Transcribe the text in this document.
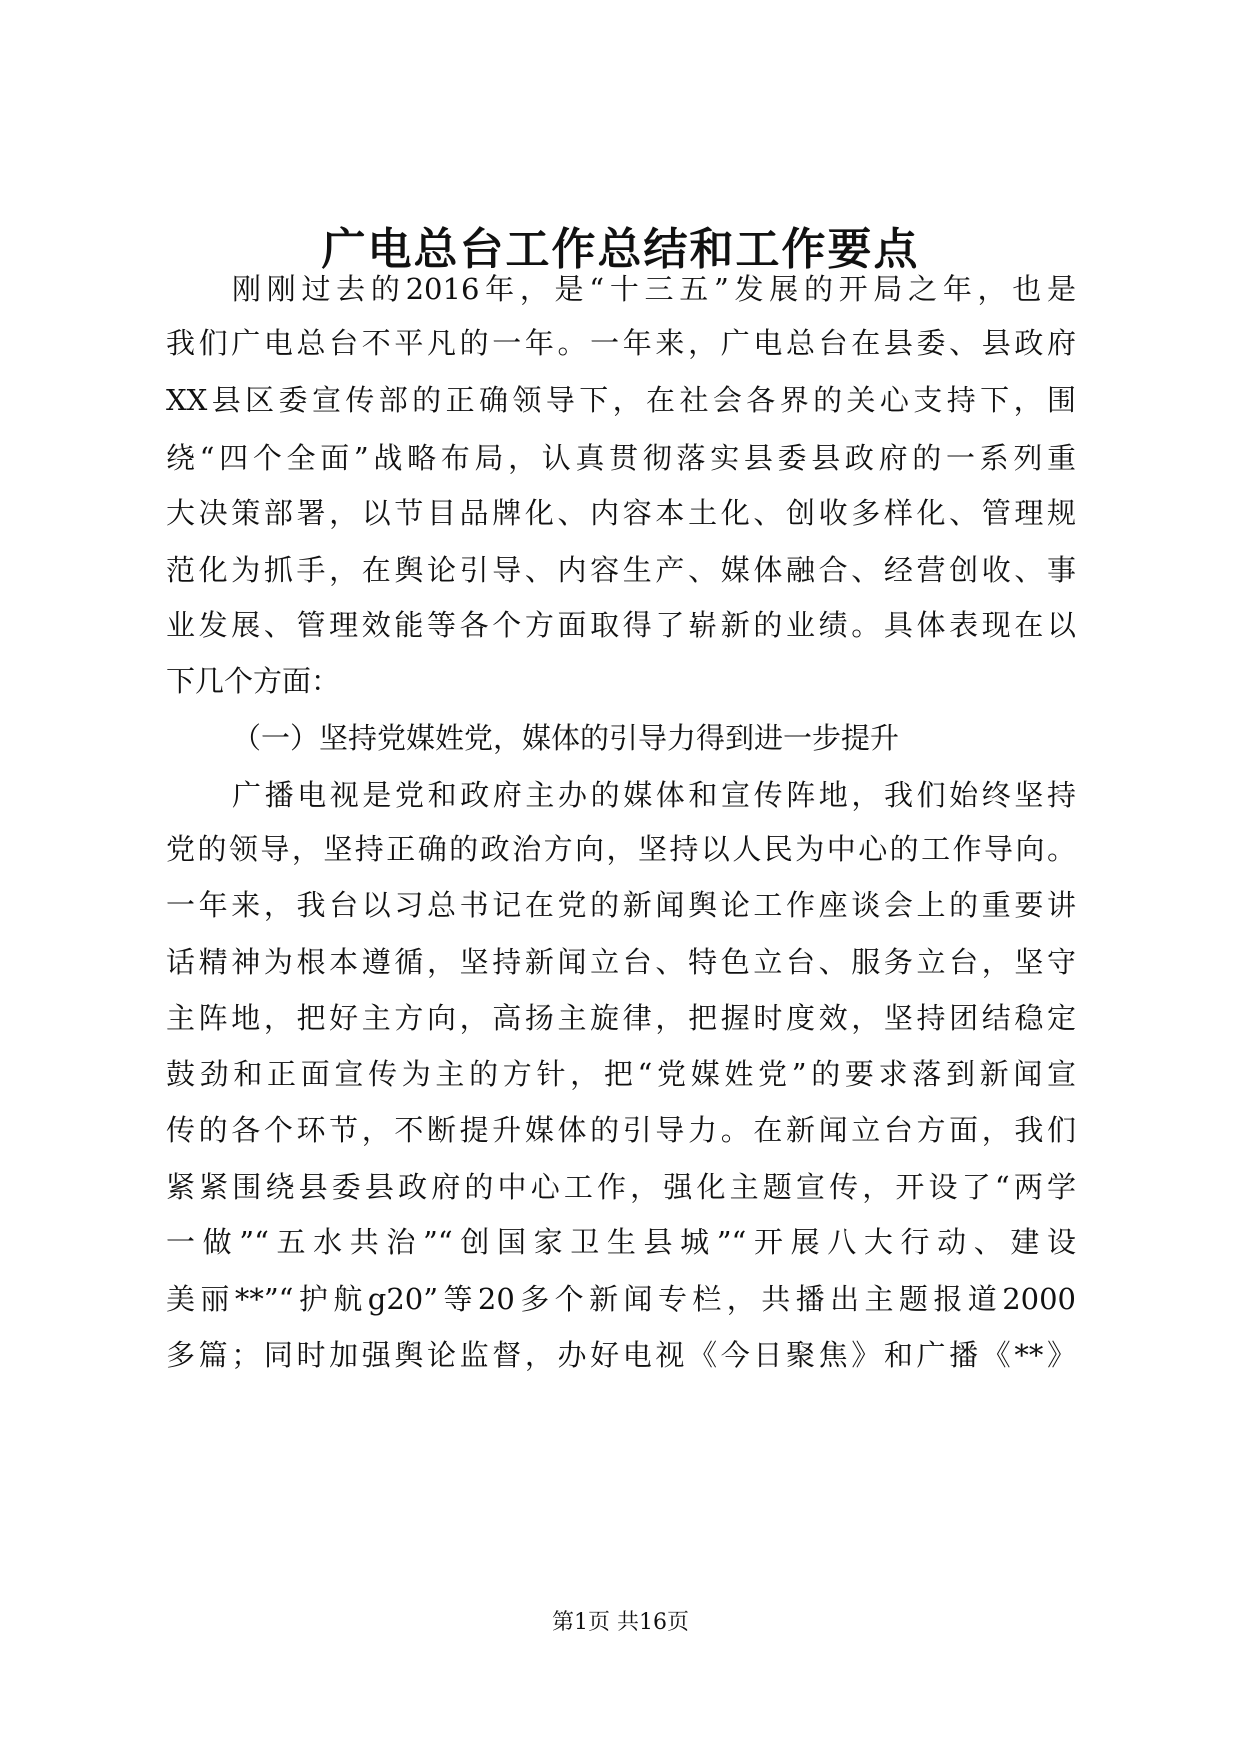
广电总台工作总结和工作要点
刚刚过去的2016年，是“十三五”发展的开局之年，也是
我们广电总台不平凡的一年。一年来，广电总台在县委、县政府
XX县区委宣传部的正确领导下，在社会各界的关心支持下，围
绕“四个全面”战略布局，认真贯彻落实县委县政府的一系列重
大决策部署，以节目品牌化、内容本土化、创收多样化、管理规
范化为抓手，在舆论引导、内容生产、媒体融合、经营创收、事
业发展、管理效能等各个方面取得了崭新的业绩。具体表现在以
下几个方面：
（一）坚持党媒姓党，媒体的引导力得到进一步提升
广播电视是党和政府主办的媒体和宣传阵地，我们始终坚持
党的领导，坚持正确的政治方向，坚持以人民为中心的工作导向。
一年来，我台以习总书记在党的新闻舆论工作座谈会上的重要讲
话精神为根本遵循，坚持新闻立台、特色立台、服务立台，坚守
主阵地，把好主方向，高扬主旋律，把握时度效，坚持团结稳定
鼓劲和正面宣传为主的方针，把“党媒姓党”的要求落到新闻宣
传的各个环节，不断提升媒体的引导力。在新闻立台方面，我们
紧紧围绕县委县政府的中心工作，强化主题宣传，开设了“两学
一做”“五水共治”“创国家卫生县城”“开展八大行动、建设
美丽**”“护航g20”等20多个新闻专栏，共播出主题报道2000
多篇；同时加强舆论监督，办好电视《今日聚焦》和广播《**》
第1页 共16页
